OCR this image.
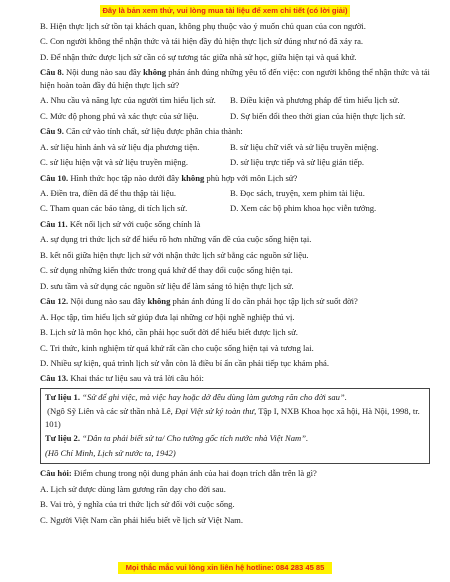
Đây là bản xem thử, vui lòng mua tài liệu để xem chi tiết (có lời giải)
B. Hiện thực lịch sử tồn tại khách quan, không phụ thuộc vào ý muốn chủ quan của con người.
C. Con người không thể nhận thức và tái hiện đầy đủ hiện thực lịch sử đúng như nó đã xảy ra.
D. Để nhận thức được lịch sử cần có sự tương tác giữa nhà sử học, giữa hiện tại và quá khứ.
Câu 8. Nội dung nào sau đây không phản ánh đúng những yêu tố đến việc: con người không thể nhận thức và tái hiện hoàn toàn đầy đủ hiện thực lịch sử?
A. Nhu cầu và năng lực của người tìm hiểu lịch sử.	B. Điều kiện và phương pháp để tìm hiểu lịch sử.
C. Mức độ phong phú và xác thực của sử liệu.	D. Sự biến đổi theo thời gian của hiện thực lịch sử.
Câu 9. Căn cứ vào tính chất, sử liệu được phân chia thành:
A. sử liệu hình ảnh và sử liệu địa phương tiện.	B. sử liệu chữ viết và sử liệu truyền miệng.
C. sử liệu hiện vật và sử liệu truyền miệng.	D. sử liệu trực tiếp và sử liệu gián tiếp.
Câu 10. Hình thức học tập nào dưới đây không phù hợp với môn Lịch sử?
A. Điền tra, điền dã để thu thập tài liệu.	B. Đọc sách, truyện, xem phim tài liệu.
C. Tham quan các bảo tàng, di tích lịch sử.	D. Xem các bộ phim khoa học viễn tưởng.
Câu 11. Kết nối lịch sử với cuộc sống chính là
A. sự dụng tri thức lịch sử để hiểu rõ hơn những vấn đề của cuộc sống hiện tại.
B. kết nối giữa hiện thực lịch sử với nhận thức lịch sử bằng các nguồn sử liệu.
C. sử dụng những kiến thức trong quá khứ để thay đổi cuộc sống hiện tại.
D. sưu tầm và sử dụng các nguồn sử liệu để làm sáng tỏ hiện thực lịch sử.
Câu 12. Nội dung nào sau đây không phản ánh đúng lí do cần phải học tập lịch sử suốt đời?
A. Học tập, tìm hiểu lịch sử giúp đưa lại những cơ hội nghề nghiệp thú vị.
B. Lịch sử là môn học khó, cần phải học suốt đời để hiểu biết được lịch sử.
C. Tri thức, kinh nghiệm từ quá khứ rất cần cho cuộc sống hiện tại và tương lai.
D. Nhiều sự kiện, quá trình lịch sử vẫn còn là điều bí ẩn cần phải tiếp tục khám phá.
Câu 13. Khai thác tư liệu sau và trả lời câu hỏi:
Tư liệu 1. “Sử để ghi việc, mà việc hay hoặc dở đều dùng làm gương răn cho đời sau”.
(Ngô Sỹ Liên và các sử thần nhà Lê, Đại Việt sử ký toàn thư, Tập I, NXB Khoa học xã hội, Hà Nội, 1998, tr. 101)
Tư liệu 2. “Dân ta phải biết sử ta/ Cho tường gốc tích nước nhà Việt Nam”.
(Hồ Chí Minh, Lịch sử nước ta, 1942)
Câu hỏi: Điểm chung trong nội dung phản ánh của hai đoạn trích dẫn trên là gì?
A. Lịch sử được dùng làm gương răn dạy cho đời sau.
B. Vai trò, ý nghĩa của tri thức lịch sử đối với cuộc sống.
C. Người Việt Nam cần phải hiểu biết về lịch sử Việt Nam.
Mọi thắc mắc vui lòng xin liên hệ hotline: 084 283 45 85
